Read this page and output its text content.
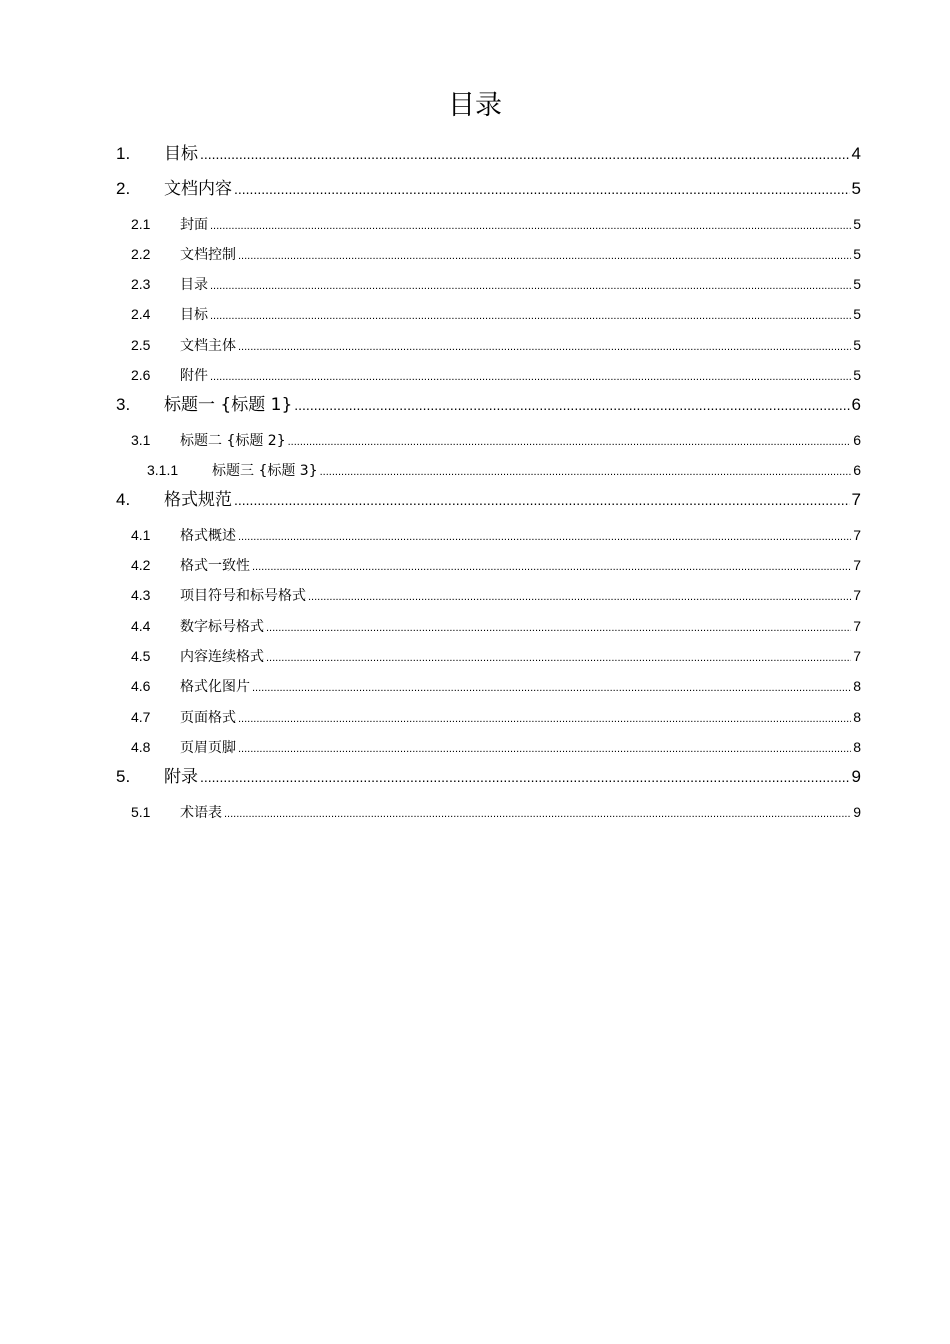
目录
1.	目标 .....	4
2.	文档内容 .....	5
2.1	封面 .....	5
2.2	文档控制 .....	5
2.3	目录 .....	5
2.4	目标 .....	5
2.5	文档主体 .....	5
2.6	附件 .....	5
3.	标题一 {标题 1} .....	6
3.1	标题二 {标题 2} .....	6
3.1.1	标题三 {标题 3} .....	6
4.	格式规范 .....	7
4.1	格式概述 .....	7
4.2	格式一致性 .....	7
4.3	项目符号和标号格式 .....	7
4.4	数字标号格式 .....	7
4.5	内容连续格式 .....	7
4.6	格式化图片 .....	8
4.7	页面格式 .....	8
4.8	页眉页脚 .....	8
5.	附录 .....	9
5.1	术语表 .....	9
